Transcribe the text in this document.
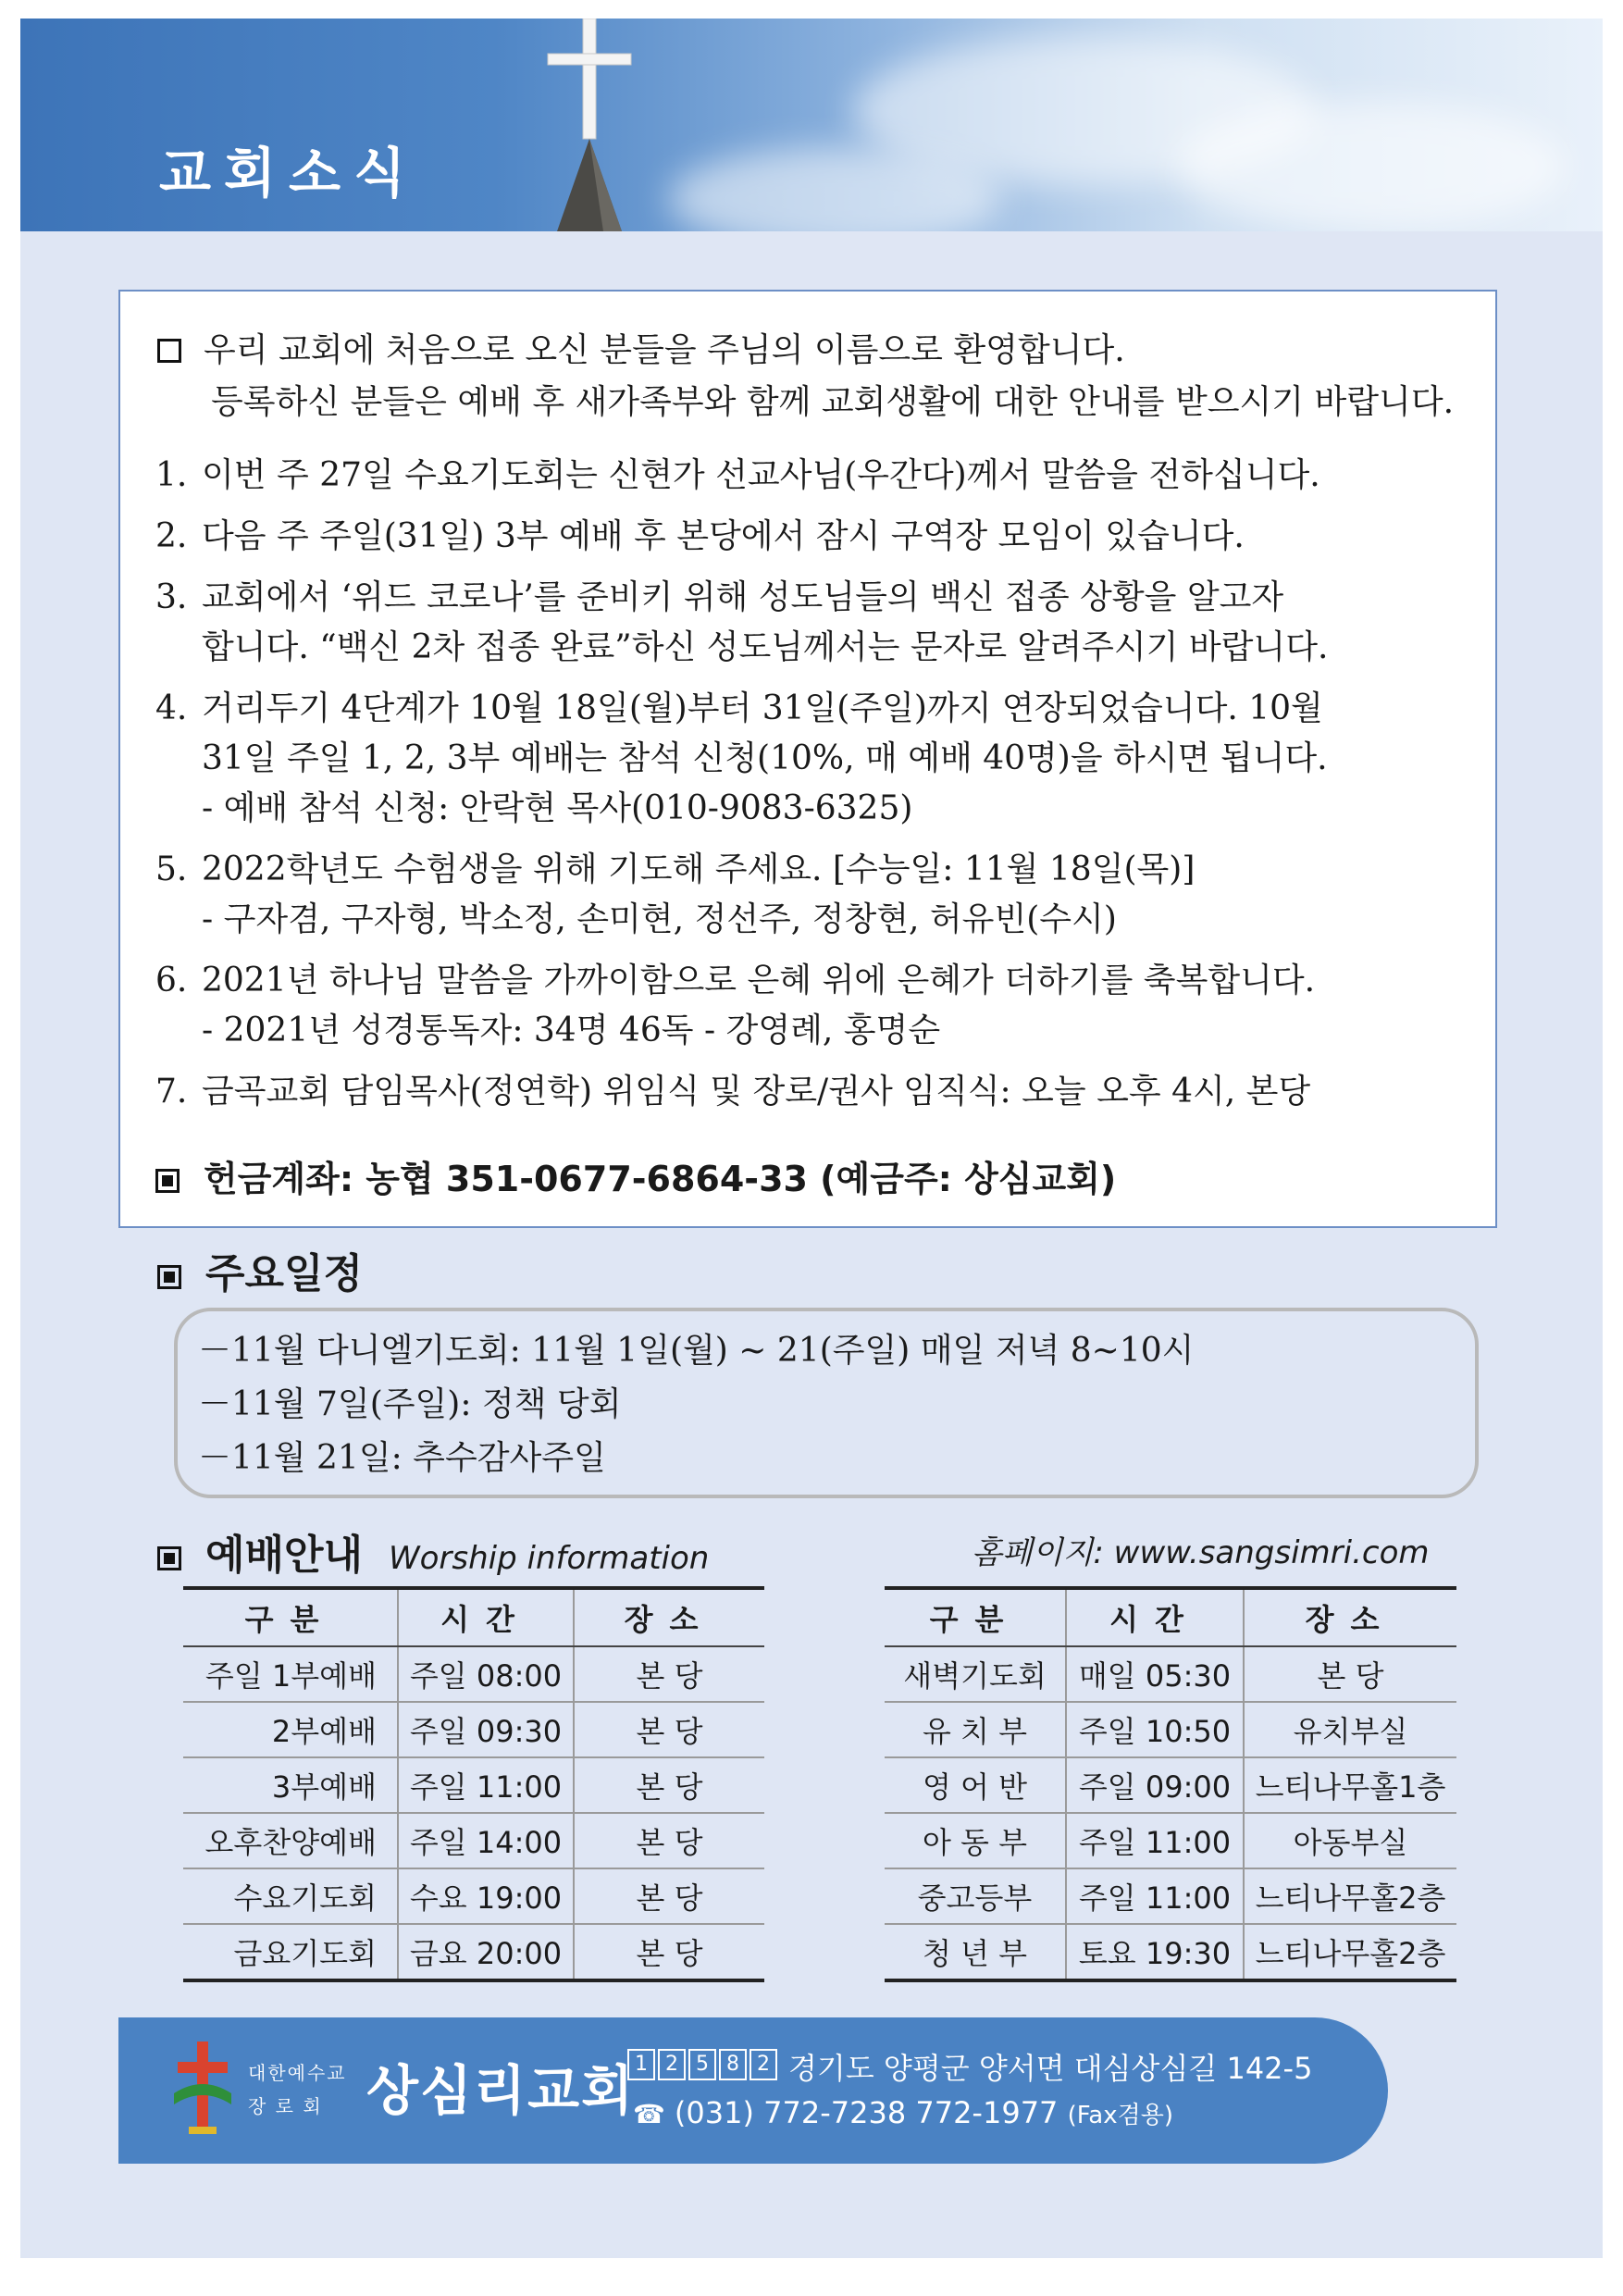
교회소식
우리 교회에 처음으로 오신 분들을 주님의 이름으로 환영합니다.
등록하신 분들은 예배 후 새가족부와 함께 교회생활에 대한 안내를 받으시기 바랍니다.
1. 이번 주 27일 수요기도회는 신현가 선교사님(우간다)께서 말씀을 전하십니다.
2. 다음 주 주일(31일) 3부 예배 후 본당에서 잠시 구역장 모임이 있습니다.
3. 교회에서 ‘위드 코로나’를 준비키 위해 성도님들의 백신 접종 상황을 알고자
합니다. “백신 2차 접종 완료”하신 성도님께서는 문자로 알려주시기 바랍니다.
4. 거리두기 4단계가 10월 18일(월)부터 31일(주일)까지 연장되었습니다. 10월
31일 주일 1, 2, 3부 예배는 참석 신청(10%, 매 예배 40명)을 하시면 됩니다.
- 예배 참석 신청: 안락현 목사(010-9083-6325)
5. 2022학년도 수험생을 위해 기도해 주세요. [수능일: 11월 18일(목)]
- 구자겸, 구자형, 박소정, 손미현, 정선주, 정창현, 허유빈(수시)
6. 2021년 하나님 말씀을 가까이함으로 은혜 위에 은혜가 더하기를 축복합니다.
- 2021년 성경통독자: 34명 46독 - 강영례, 홍명순
7. 금곡교회 담임목사(정연학) 위임식 및 장로/권사 임직식: 오늘 오후 4시, 본당
헌금계좌: 농협 351-0677-6864-33 (예금주: 상심교회)
주요일정
－11월 다니엘기도회: 11월 1일(월) ~ 21(주일) 매일 저녁 8~10시
－11월 7일(주일): 정책 당회
－11월 21일: 추수감사주일
예배안내 Worship information	홈페이지: www.sangsimri.com
구분	시간	장소
주일 1부예배	주일 08:00	본 당
2부예배	주일 09:30	본 당
3부예배	주일 11:00	본 당
오후찬양예배	주일 14:00	본 당
수요기도회	수요 19:00	본 당
금요기도회	금요 20:00	본 당
구분	시간	장소
새벽기도회	매일 05:30	본 당
유 치 부	주일 10:50	유치부실
영 어 반	주일 09:00	느티나무홀1층
아 동 부	주일 11:00	아동부실
중고등부	주일 11:00	느티나무홀2층
청 년 부	토요 19:30	느티나무홀2층
대한예수교
장 로 회 상심리교회 1 2 5 8 2 경기도 양평군 양서면 대심상심길 142-5
☎ (031) 772-7238 772-1977 (Fax겸용)
